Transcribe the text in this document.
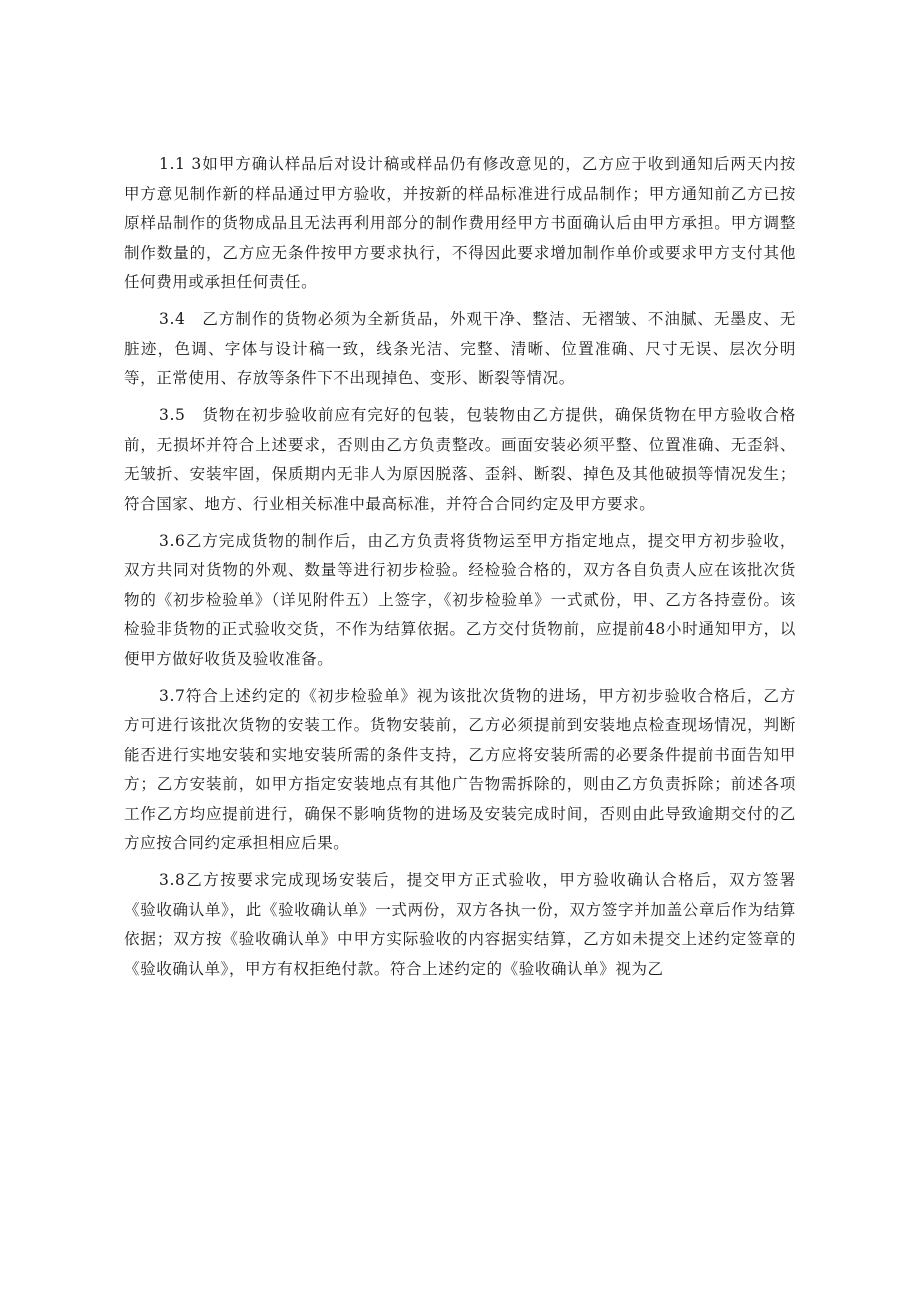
1.1 3如甲方确认样品后对设计稿或样品仍有修改意见的，乙方应于收到通知后两天内按甲方意见制作新的样品通过甲方验收，并按新的样品标准进行成品制作；甲方通知前乙方已按原样品制作的货物成品且无法再利用部分的制作费用经甲方书面确认后由甲方承担。甲方调整制作数量的，乙方应无条件按甲方要求执行，不得因此要求增加制作单价或要求甲方支付其他任何费用或承担任何责任。

3.4　乙方制作的货物必须为全新货品，外观干净、整洁、无褶皱、不油腻、无墨皮、无脏迹，色调、字体与设计稿一致，线条光洁、完整、清晰、位置准确、尺寸无误、层次分明等，正常使用、存放等条件下不出现掉色、变形、断裂等情况。

3.5　货物在初步验收前应有完好的包装，包装物由乙方提供，确保货物在甲方验收合格前，无损坏并符合上述要求，否则由乙方负责整改。画面安装必须平整、位置准确、无歪斜、无皱折、安装牢固，保质期内无非人为原因脱落、歪斜、断裂、掉色及其他破损等情况发生；符合国家、地方、行业相关标准中最高标准，并符合合同约定及甲方要求。

3.6乙方完成货物的制作后，由乙方负责将货物运至甲方指定地点，提交甲方初步验收，双方共同对货物的外观、数量等进行初步检验。经检验合格的，双方各自负责人应在该批次货物的《初步检验单》（详见附件五）上签字，《初步检验单》一式贰份，甲、乙方各持壹份。该检验非货物的正式验收交货，不作为结算依据。乙方交付货物前，应提前48小时通知甲方，以便甲方做好收货及验收准备。

3.7符合上述约定的《初步检验单》视为该批次货物的进场，甲方初步验收合格后，乙方方可进行该批次货物的安装工作。货物安装前，乙方必须提前到安装地点检查现场情况，判断能否进行实地安装和实地安装所需的条件支持，乙方应将安装所需的必要条件提前书面告知甲方；乙方安装前，如甲方指定安装地点有其他广告物需拆除的，则由乙方负责拆除；前述各项工作乙方均应提前进行，确保不影响货物的进场及安装完成时间，否则由此导致逾期交付的乙方应按合同约定承担相应后果。

3.8乙方按要求完成现场安装后，提交甲方正式验收，甲方验收确认合格后，双方签署《验收确认单》，此《验收确认单》一式两份，双方各执一份，双方签字并加盖公章后作为结算依据；双方按《验收确认单》中甲方实际验收的内容据实结算，乙方如未提交上述约定签章的《验收确认单》，甲方有权拒绝付款。符合上述约定的《验收确认单》视为乙
